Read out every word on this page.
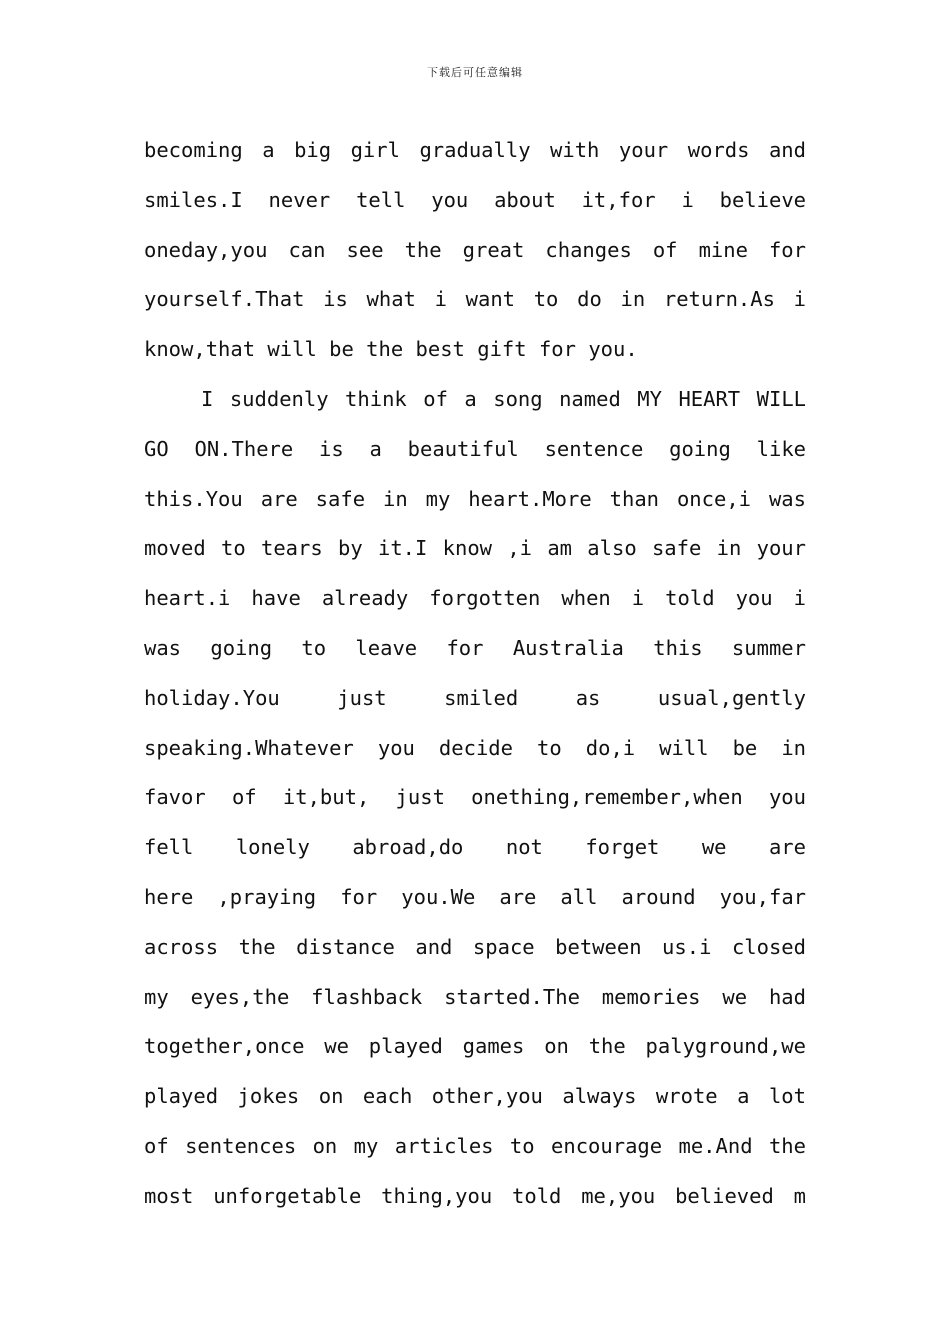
下载后可任意编辑
becoming a big girl gradually with your words and
smiles.I never tell you about it,for i believe
oneday,you can see the great changes of mine for
yourself.That is what i want to do in return.As i
know,that will be the best gift for you.
I suddenly think of a song named MY HEART WILL
GO ON.There is a beautiful sentence going like
this.You are safe in my heart.More than once,i was
moved to tears by it.I know ,i am also safe in your
heart.i have already forgotten when i told you i
was going to leave for Australia this summer
holiday.You just smiled as usual,gently
speaking.Whatever you decide to do,i will be in
favor of it,but, just onething,remember,when you
fell lonely abroad,do not forget we are
here ,praying for you.We are all around you,far
across the distance and space between us.i closed
my eyes,the flashback started.The memories we had
together,once we played games on the palyground,we
played jokes on each other,you always wrote a lot
of sentences on my articles to encourage me.And the
most unforgetable thing,you told me,you believed m
